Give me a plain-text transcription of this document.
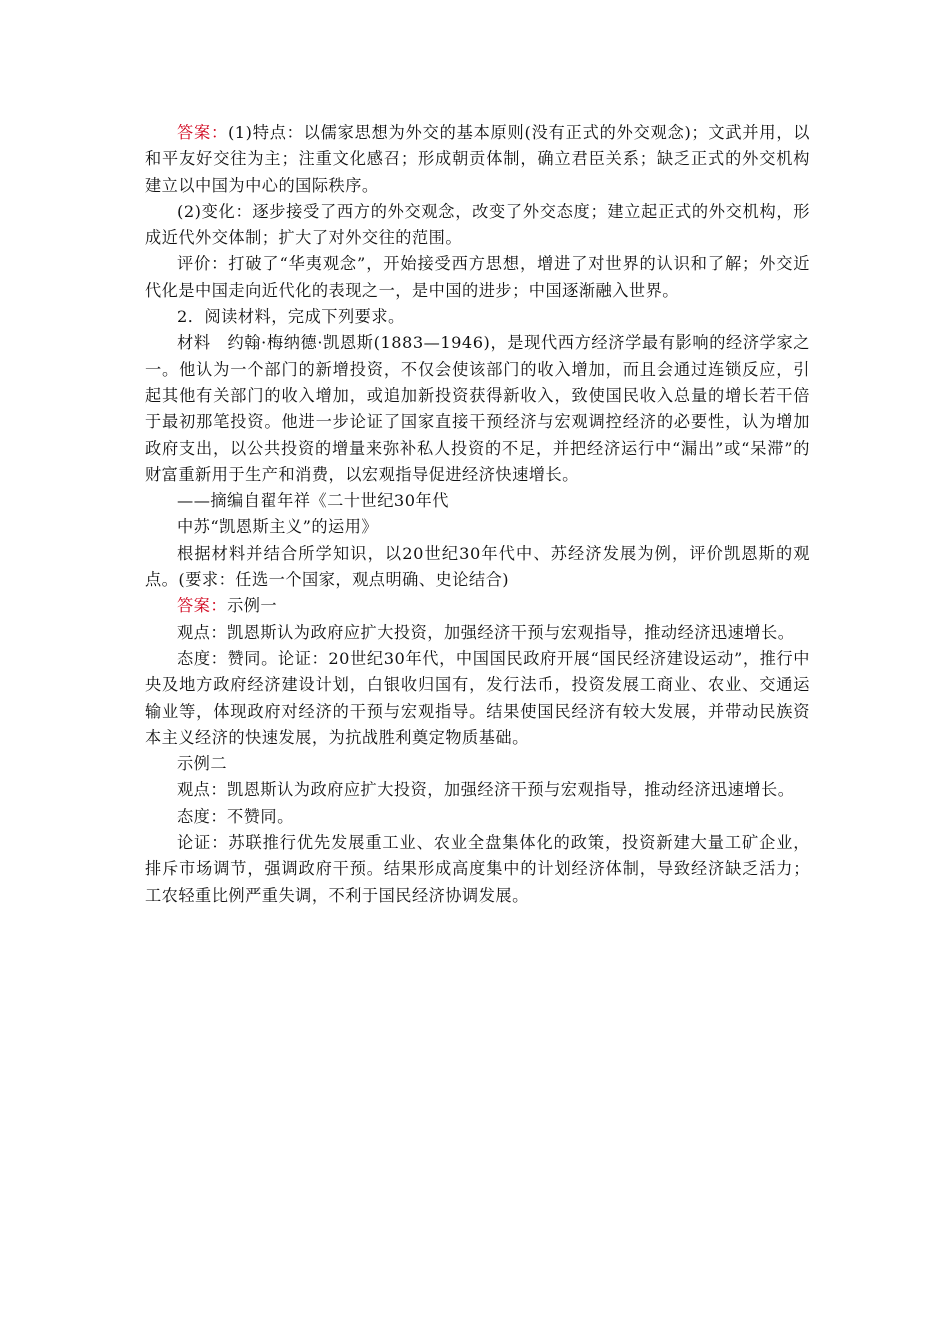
答案：(1)特点：以儒家思想为外交的基本原则(没有正式的外交观念)；文武并用，以和平友好交往为主；注重文化感召；形成朝贡体制，确立君臣关系；缺乏正式的外交机构建立以中国为中心的国际秩序。

(2)变化：逐步接受了西方的外交观念，改变了外交态度；建立起正式的外交机构，形成近代外交体制；扩大了对外交往的范围。

评价：打破了“华夷观念”，开始接受西方思想，增进了对世界的认识和了解；外交近代化是中国走向近代化的表现之一，是中国的进步；中国逐渐融入世界。

2．阅读材料，完成下列要求。

材料　约翰·梅纳德·凯恩斯(1883—1946)，是现代西方经济学最有影响的经济学家之一。他认为一个部门的新增投资，不仅会使该部门的收入增加，而且会通过连锁反应，引起其他有关部门的收入增加，或追加新投资获得新收入，致使国民收入总量的增长若干倍于最初那笔投资。他进一步论证了国家直接干预经济与宏观调控经济的必要性，认为增加政府支出，以公共投资的增量来弥补私人投资的不足，并把经济运行中“漏出”或“呆滞”的财富重新用于生产和消费，以宏观指导促进经济快速增长。

——摘编自翟年祥《二十世纪30年代

中苏“凯恩斯主义”的运用》

根据材料并结合所学知识，以20世纪30年代中、苏经济发展为例，评价凯恩斯的观点。(要求：任选一个国家，观点明确、史论结合)

答案：示例一

观点：凯恩斯认为政府应扩大投资，加强经济干预与宏观指导，推动经济迅速增长。

态度：赞同。论证：20世纪30年代，中国国民政府开展“国民经济建设运动”，推行中央及地方政府经济建设计划，白银收归国有，发行法币，投资发展工商业、农业、交通运输业等，体现政府对经济的干预与宏观指导。结果使国民经济有较大发展，并带动民族资本主义经济的快速发展，为抗战胜利奠定物质基础。

示例二

观点：凯恩斯认为政府应扩大投资，加强经济干预与宏观指导，推动经济迅速增长。

态度：不赞同。

论证：苏联推行优先发展重工业、农业全盘集体化的政策，投资新建大量工矿企业，排斥市场调节，强调政府干预。结果形成高度集中的计划经济体制，导致经济缺乏活力；工农轻重比例严重失调，不利于国民经济协调发展。
